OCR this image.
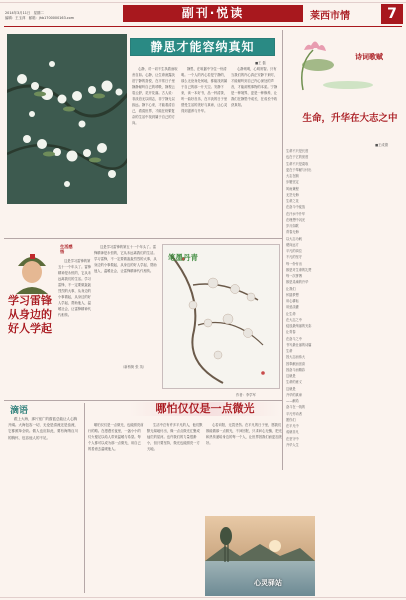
2014年3月11日　星期二
编辑：王玉萍　邮箱：jhb1700000163.com	副刊·悦读	莱西市情	7
静思才能容纳真知
■王 磊

心静，对一切不生执着而取舍自如。心静，让生命流露淡泊宁静的喜悦，在平常日子里静静倾听自己的呼吸，静观云卷云舒，花开花落。古人说：非淡泊无以明志，非宁静无以致远。静下心来，才能看清自己，看清世界，才能在纷繁复杂的生活中找到属于自己的方向。

静思，在喧嚣中守住一份清明。一个人的内心若是宁静的，那么无论身处何地，都能找到属于自己的那一片天空。安静下来，读一本好书，品一杯清茶，听一曲好音乐，在平淡的日子里感受生活的美好与真谛，让心灵得到滋养与升华。

心静则明，心明则智。只有当我们的内心真正安静下来时，才能倾听到自己内心深处的声音，才能洞察事物的本质。宁静是一种境界，更是一种修养，让我们在静思中成长，在成长中收获真知。

诗词歌赋
生命，升华在大志之中
■王成德
生命不只是长度
也在于它的宽度
生命不只是索取
更在于奉献与付出
大志在胸
步履坚定
风雨兼程
无怨无悔
生命之花
在奋斗中绽放
在汗水中升华
在理想中闪光
岁月如歌
青春无悔
以大志为帆
驶向远方
平凡的岗位
不凡的坚守
每一份付出
都是对生命的礼赞
每一次拼搏
都是灵魂的升华
让我们
怀揣梦想
用心耕耘
用爱浇灌
让生命
在大志之中
绽放最绚丽的光彩
让青春
在奋斗之中
书写最壮丽的诗篇
生命
因大志而伟大
因奉献而崇高
因奋斗而精彩
这就是
生命的意义
这就是
升华的真谛
——献给
奋斗在一线的
平凡劳动者
愿你们
在平凡中
成就非凡
在坚守中
升华人生
生活感悟
学习雷锋从身边的好人学起

这是学习雷锋的第五十一个年头了。雷锋精神是永恒的，它从未远离我们的生活。学习雷锋，不一定要做轰轰烈烈的大事，从身边的小事做起，从身边的好人学起，帮助他人，温暖社会，让雷锋精神代代相传。

这是学习雷锋的第五十一个年头了。雷锋精神是永恒的，它从未远离我们的生活。学习雷锋，不一定要做轰轰烈烈的大事，从身边的小事做起，从身边的好人学起，帮助他人，温暖社会，让雷锋精神代代相传。

（新桥街 张 英）
笔墨丹青
作者：李学军
滴语

跟上大海，那片宽广的蔚蓝总能让人心胸开阔。大海包容一切，无论是清流还是浊流，它都照单全收。做人也应如此，要有海纳百川的胸怀，包容他人的不足。

哪怕仅仅是一点微光

哪怕仅仅是一点微光，也能照亮前行的路。在漫漫长夜里，一盏小小的灯火便足以给人带来温暖与希望。每个人都可以成为那一点微光，用自己的善意去温暖他人。

生活中总有许多平凡的人，他们默默无闻地付出，像一点点微光汇聚成灿烂的星河。也许我们的力量很渺小，但只要坚持，微光也能照亮一方天地。

心若向阳，无畏悲伤。在平凡的日子里，愿我们都能做那一点微光，不问回报，只求问心无愧，把光和热传递给身边的每一个人，让世界因我们而更加美好。

心灵驿站
